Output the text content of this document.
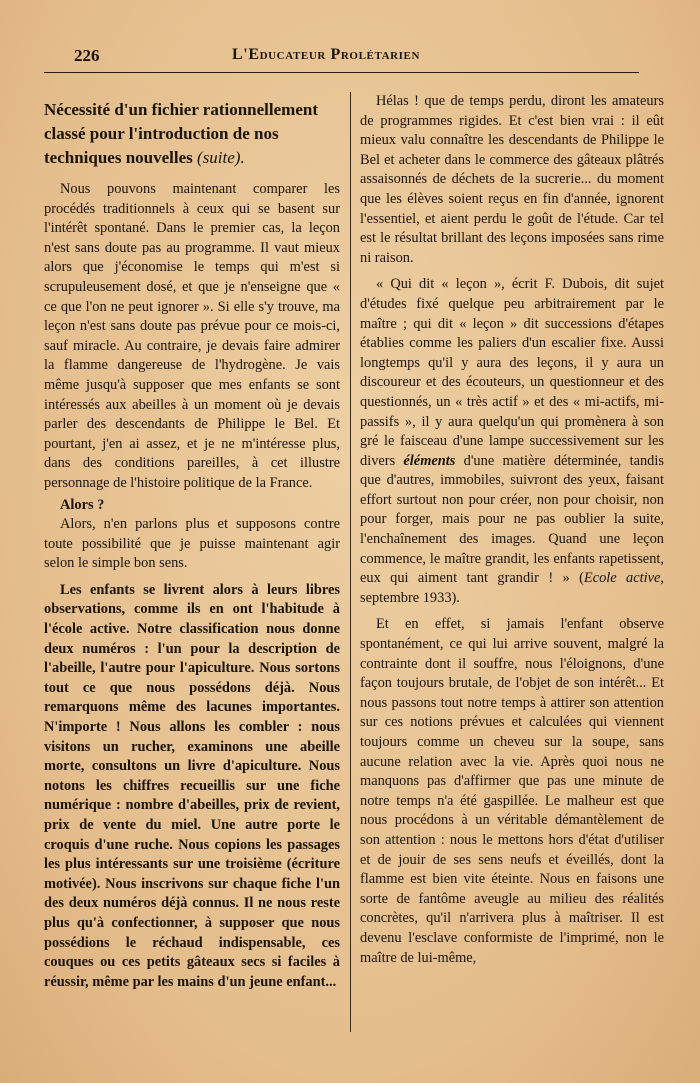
226	L'Educateur Prolétarien
Nécessité d'un fichier rationnellement classé pour l'introduction de nos techniques nouvelles (suite).

Nous pouvons maintenant comparer les procédés traditionnels à ceux qui se basent sur l'intérêt spontané. Dans le premier cas, la leçon n'est sans doute pas au programme. Il vaut mieux alors que j'économise le temps qui m'est si scrupuleusement dosé, et que je n'enseigne que « ce que l'on ne peut ignorer ». Si elle s'y trouve, ma leçon n'est sans doute pas prévue pour ce mois-ci, sauf miracle. Au contraire, je devais faire admirer la flamme dangereuse de l'hydrogène. Je vais même jusqu'à supposer que mes enfants se sont intéressés aux abeilles à un moment où je devais parler des descendants de Philippe le Bel. Et pourtant, j'en ai assez, et je ne m'intéresse plus, dans des conditions pareilles, à cet illustre personnage de l'histoire politique de la France.

Alors ?

Alors, n'en parlons plus et supposons contre toute possibilité que je puisse maintenant agir selon le simple bon sens.

Les enfants se livrent alors à leurs libres observations, comme ils en ont l'habitude à l'école active. Notre classification nous donne deux numéros : l'un pour la description de l'abeille, l'autre pour l'apiculture. Nous sortons tout ce que nous possédons déjà. Nous remarquons même des lacunes importantes. N'importe ! Nous allons les combler : nous visitons un rucher, examinons une abeille morte, consultons un livre d'apiculture. Nous notons les chiffres recueillis sur une fiche numérique : nombre d'abeilles, prix de revient, prix de vente du miel. Une autre porte le croquis d'une ruche. Nous copions les passages les plus intéressants sur une troisième (écriture motivée). Nous inscrivons sur chaque fiche l'un des deux numéros déjà connus. Il ne nous reste plus qu'à confectionner, à supposer que nous possédions le réchaud indispensable, ces couques ou ces petits gâteaux secs si faciles à réussir, même par les mains d'un jeune enfant...

Hélas ! que de temps perdu, diront les amateurs de programmes rigides. Et c'est bien vrai : il eût mieux valu connaître les descendants de Philippe le Bel et acheter dans le commerce des gâteaux plâtrés assaisonnés de déchets de la sucrerie... du moment que les élèves soient reçus en fin d'année, ignorent l'essentiel, et aient perdu le goût de l'étude. Car tel est le résultat brillant des leçons imposées sans rime ni raison.

« Qui dit « leçon », écrit F. Dubois, dit sujet d'études fixé quelque peu arbitrairement par le maître ; qui dit « leçon » dit successions d'étapes établies comme les paliers d'un escalier fixe. Aussi longtemps qu'il y aura des leçons, il y aura un discoureur et des écouteurs, un questionneur et des questionnés, un « très actif » et des « mi-actifs, mi-passifs », il y aura quelqu'un qui promènera à son gré le faisceau d'une lampe successivement sur les divers éléments d'une matière déterminée, tandis que d'autres, immobiles, suivront des yeux, faisant effort surtout non pour créer, non pour choisir, non pour forger, mais pour ne pas oublier la suite, l'enchaînement des images. Quand une leçon commence, le maître grandit, les enfants rapetissent, eux qui aiment tant grandir ! » (Ecole active, septembre 1933).

Et en effet, si jamais l'enfant observe spontanément, ce qui lui arrive souvent, malgré la contrainte dont il souffre, nous l'éloignons, d'une façon toujours brutale, de l'objet de son intérêt... Et nous passons tout notre temps à attirer son attention sur ces notions prévues et calculées qui viennent toujours comme un cheveu sur la soupe, sans aucune relation avec la vie. Après quoi nous ne manquons pas d'affirmer que pas une minute de notre temps n'a été gaspillée. Le malheur est que nous procédons à un véritable démantèlement de son attention : nous le mettons hors d'état d'utiliser et de jouir de ses sens neufs et éveillés, dont la flamme est bien vite éteinte. Nous en faisons une sorte de fantôme aveugle au milieu des réalités concrètes, qu'il n'arrivera plus à maîtriser. Il est devenu l'esclave conformiste de l'imprimé, non le maître de lui-même,
